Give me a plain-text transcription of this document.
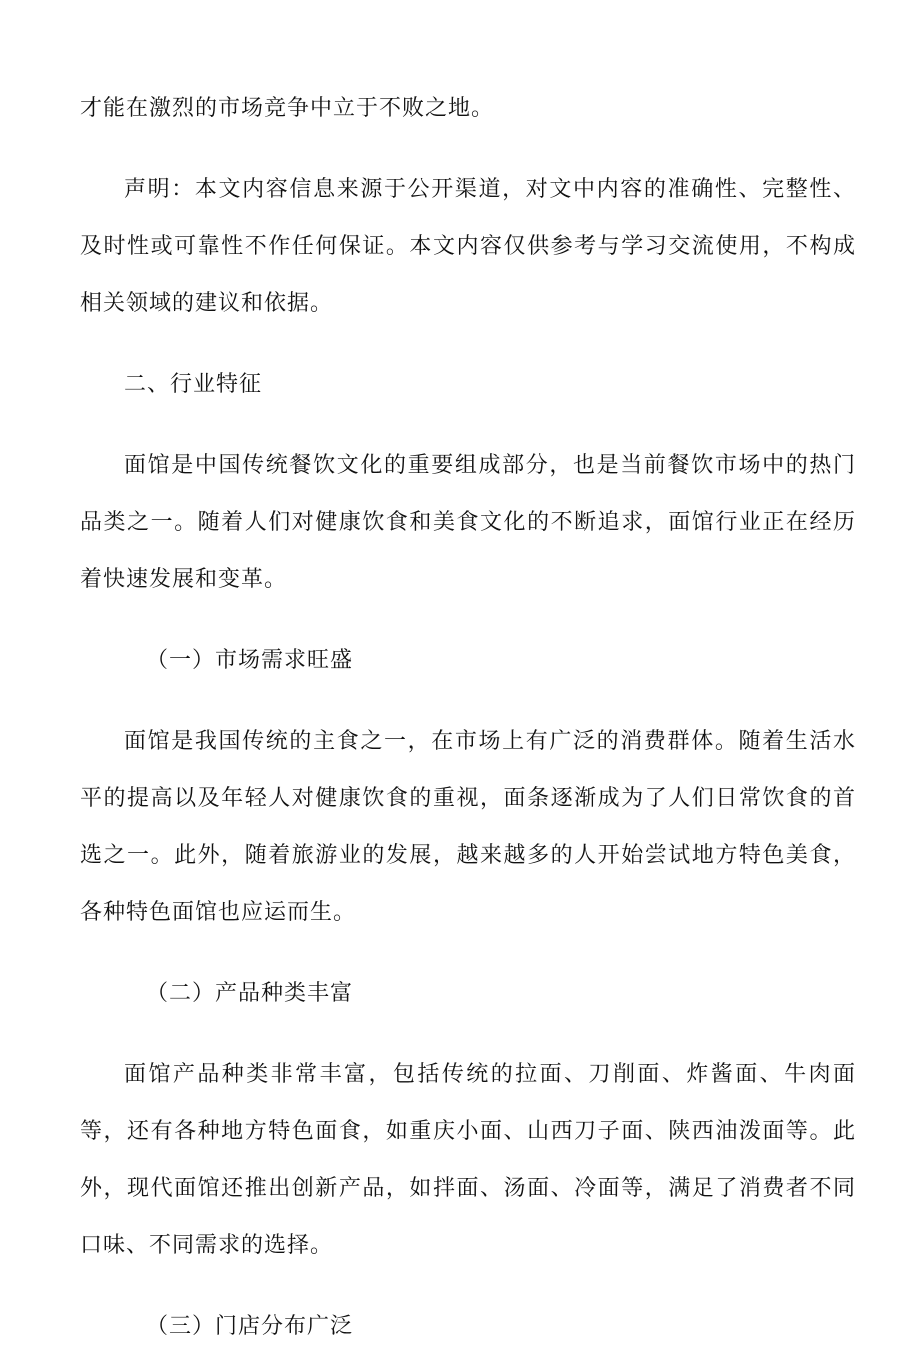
才能在激烈的市场竞争中立于不败之地。

声明：本文内容信息来源于公开渠道，对文中内容的准确性、完整性、及时性或可靠性不作任何保证。本文内容仅供参考与学习交流使用，不构成相关领域的建议和依据。

二、行业特征

面馆是中国传统餐饮文化的重要组成部分，也是当前餐饮市场中的热门品类之一。随着人们对健康饮食和美食文化的不断追求，面馆行业正在经历着快速发展和变革。

（一）市场需求旺盛

面馆是我国传统的主食之一，在市场上有广泛的消费群体。随着生活水平的提高以及年轻人对健康饮食的重视，面条逐渐成为了人们日常饮食的首选之一。此外，随着旅游业的发展，越来越多的人开始尝试地方特色美食，各种特色面馆也应运而生。

（二）产品种类丰富

面馆产品种类非常丰富，包括传统的拉面、刀削面、炸酱面、牛肉面等，还有各种地方特色面食，如重庆小面、山西刀子面、陕西油泼面等。此外，现代面馆还推出创新产品，如拌面、汤面、冷面等，满足了消费者不同口味、不同需求的选择。

（三）门店分布广泛
